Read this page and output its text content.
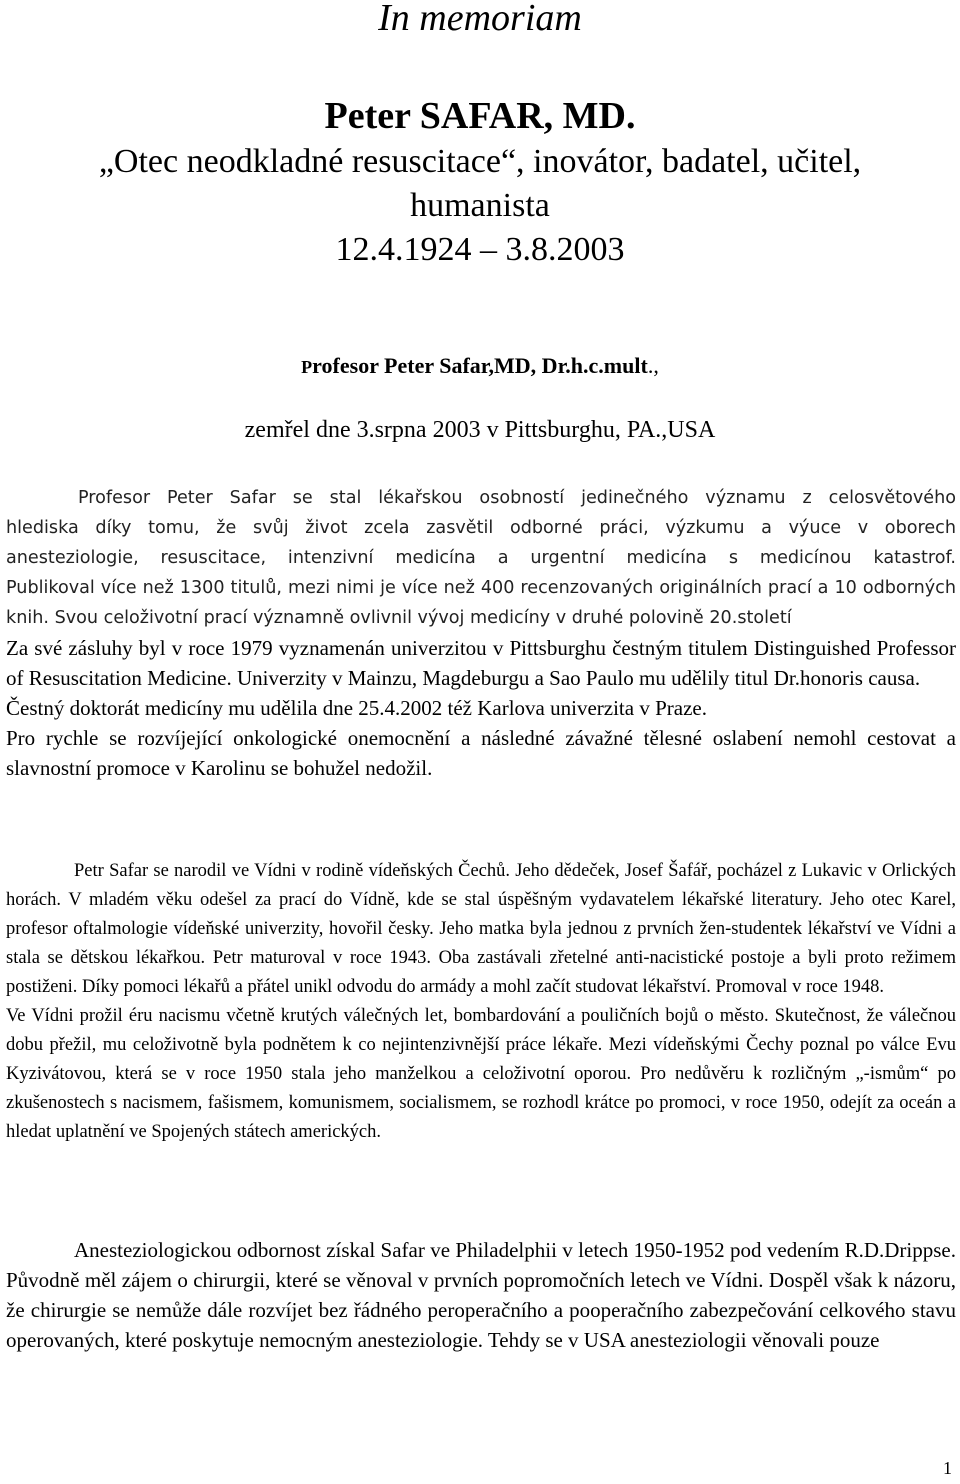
In memoriam

Peter SAFAR, MD.

„Otec neodkladné resuscitace“, inovátor, badatel, učitel,

humanista

12.4.1924 – 3.8.2003

Profesor Peter Safar,MD, Dr.h.c.mult.,

zemřel dne 3.srpna 2003 v Pittsburghu, PA.,USA

Profesor Peter Safar se stal lékařskou osobností jedinečného významu z celosvětového

hlediska díky tomu, že svůj život zcela zasvětil odborné práci, výzkumu a výuce v oborech

anesteziologie, resuscitace, intenzivní medicína a urgentní medicína s medicínou katastrof.

Publikoval více než 1300 titulů, mezi nimi je více než 400 recenzovaných originálních prací a 10 odborných knih. Svou celoživotní prací významně ovlivnil vývoj medicíny v druhé polovině 20.století

Za své zásluhy byl v roce 1979 vyznamenán univerzitou v Pittsburghu čestným titulem Distinguished Professor of Resuscitation Medicine. Univerzity v Mainzu, Magdeburgu a Sao Paulo mu udělily titul Dr.honoris causa.

Čestný doktorát medicíny mu udělila dne 25.4.2002 též Karlova univerzita v Praze.

Pro rychle se rozvíjející onkologické onemocnění a následné závažné tělesné oslabení nemohl cestovat a slavnostní promoce v Karolinu se bohužel nedožil.

Petr Safar se narodil ve Vídni v rodině vídeňských Čechů. Jeho dědeček, Josef Šafář, pocházel z Lukavic v Orlických horách. V mladém věku odešel za prací do Vídně, kde se stal úspěšným vydavatelem lékařské literatury. Jeho otec Karel, profesor oftalmologie vídeňské univerzity, hovořil česky. Jeho matka byla jednou z prvních žen-studentek lékařství ve Vídni a stala se dětskou lékařkou. Petr maturoval v roce 1943. Oba zastávali zřetelné anti-nacistické postoje a byli proto režimem postiženi. Díky pomoci lékařů a přátel unikl odvodu do armády a mohl začít studovat lékařství. Promoval v roce 1948.

Ve Vídni prožil éru nacismu včetně krutých válečných let, bombardování a pouličních bojů o město. Skutečnost, že válečnou dobu přežil, mu celoživotně byla podnětem k co nejintenzivnější práce lékaře. Mezi vídeňskými Čechy poznal po válce Evu Kyzivátovou, která se v roce 1950 stala jeho manželkou a celoživotní oporou. Pro nedůvěru k rozličným „-ismům“ po zkušenostech s nacismem, fašismem, komunismem, socialismem, se rozhodl krátce po promoci, v roce 1950, odejít za oceán a hledat uplatnění ve Spojených státech amerických.

Anesteziologickou odbornost získal Safar ve Philadelphii v letech 1950-1952 pod vedením R.D.Drippse. Původně měl zájem o chirurgii, které se věnoval v prvních popromočních letech ve Vídni. Dospěl však k názoru, že chirurgie se nemůže dále rozvíjet bez řádného peroperačního a pooperačního zabezpečování celkového stavu operovaných, které poskytuje nemocným anesteziologie. Tehdy se v USA anesteziologii věnovali pouze

1
